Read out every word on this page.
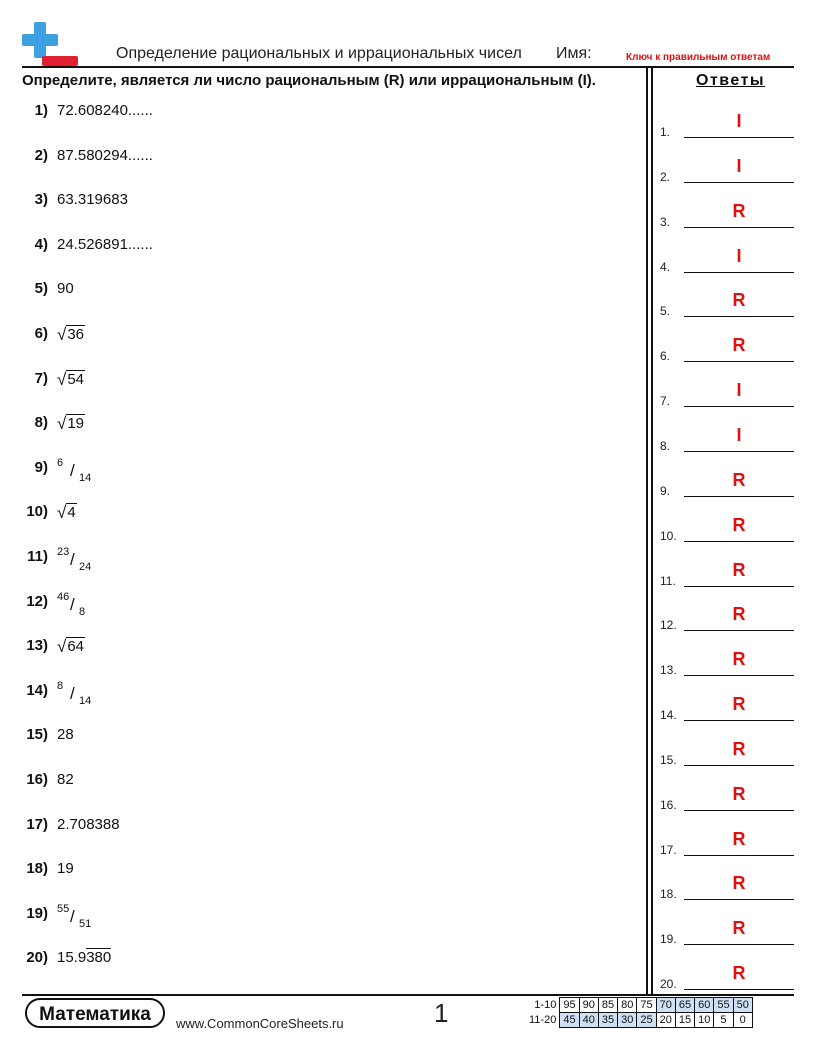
Определение рациональных и иррациональных чисел Имя:	Ключ к правильным ответам
Определите, является ли число рациональным (R) или иррациональным (I).	Ответы
1) 72.608240......
2) 87.580294......
3) 63.319683
4) 24.526891......
5) 90
6) √ 36
7) √ 54
8) √ 19
9) 6 / 14
10) √ 4
11) 23 / 24
12) 46 / 8
13) √ 64
14) 8 / 14
15) 28
16) 82
17) 2.708388
18) 19
19) 55 / 51
20) 15.9380
1.
I
2.
I
3.
R
4.
I
5.
R
6.
R
7.
I
8.
I
9.
R
10.
R
11.
R
12.
R
13.
R
14.
R
15.
R
16.
R
17.
R
18.
R
19.
R
20.
R
Математика	www.CommonCoreSheets.ru	1	1-10	95	90	85	80	75	70	65	60	55	50
11-20	45	40	35	30	25	20	15	10	5	0
